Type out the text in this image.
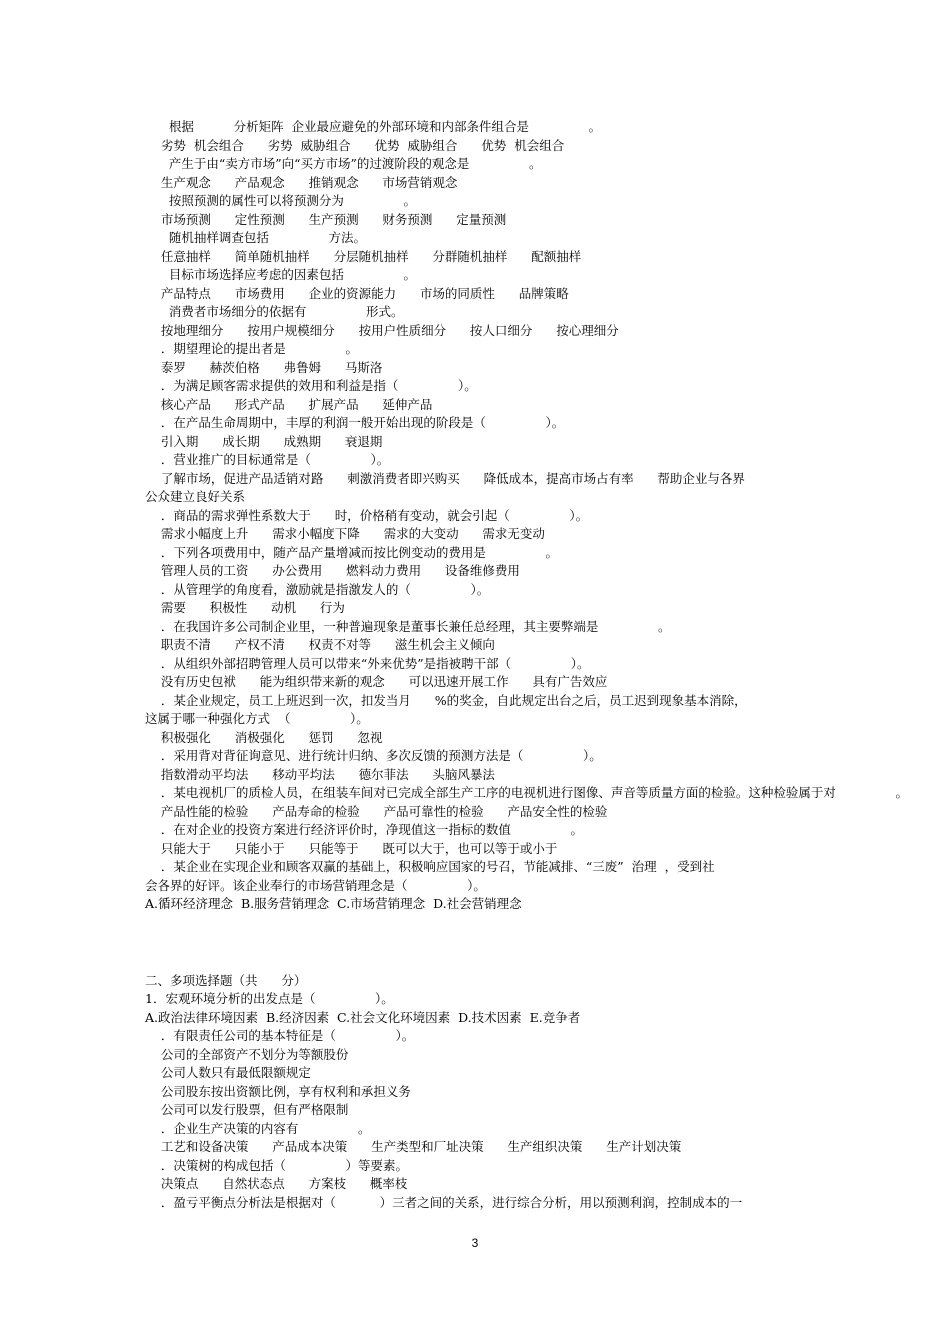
根据          分析矩阵  企业最应避免的外部环境和内部条件组合是               。
劣势  机会组合      劣势  威胁组合      优势  威胁组合      优势  机会组合
产生于由“卖方市场”向“买方市场”的过渡阶段的观念是               。
生产观念      产品观念      推销观念      市场营销观念
按照预测的属性可以将预测分为               。
市场预测      定性预测      生产预测      财务预测      定量预测
随机抽样调查包括               方法。
任意抽样      简单随机抽样      分层随机抽样      分群随机抽样      配额抽样
目标市场选择应考虑的因素包括               。
产品特点      市场费用      企业的资源能力      市场的同质性      品牌策略
消费者市场细分的依据有               形式。
按地理细分      按用户规模细分      按用户性质细分      按人口细分      按心理细分
．期望理论的提出者是               。
泰罗      赫茨伯格      弗鲁姆      马斯洛
．为满足顾客需求提供的效用和利益是指（               ）。
核心产品      形式产品      扩展产品      延伸产品
．在产品生命周期中，丰厚的利润一般开始出现的阶段是（               ）。
引入期      成长期      成熟期      衰退期
．营业推广的目标通常是（               ）。
了解市场，促进产品适销对路      刺激消费者即兴购买      降低成本，提高市场占有率      帮助企业与各界
公众建立良好关系
．商品的需求弹性系数大于      时，价格稍有变动，就会引起（               ）。
需求小幅度上升      需求小幅度下降      需求的大变动      需求无变动
．下列各项费用中，随产品产量增减而按比例变动的费用是               。
管理人员的工资      办公费用      燃料动力费用      设备维修费用
．从管理学的角度看，激励就是指激发人的（               ）。
需要      积极性      动机      行为
．在我国许多公司制企业里，一种普遍现象是董事长兼任总经理，其主要弊端是               。
职责不清      产权不清      权责不对等      滋生机会主义倾向
．从组织外部招聘管理人员可以带来“外来优势”是指被聘干部（               ）。
没有历史包袱      能为组织带来新的观念      可以迅速开展工作      具有广告效应
．某企业规定，员工上班迟到一次，扣发当月      %的奖金，自此规定出台之后，员工迟到现象基本消除，
这属于哪一种强化方式  （               ）。
积极强化      消极强化      惩罚      忽视
．采用背对背征询意见、进行统计归纳、多次反馈的预测方法是（               ）。
指数滑动平均法      移动平均法      德尔菲法      头脑风暴法
．某电视机厂的质检人员，在组装车间对已完成全部生产工序的电视机进行图像、声音等质量方面的检验。这种检验属于对               。
产品性能的检验      产品寿命的检验      产品可靠性的检验      产品安全性的检验
．在对企业的投资方案进行经济评价时，净现值这一指标的数值               。
只能大于      只能小于      只能等于      既可以大于，也可以等于或小于
．某企业在实现企业和顾客双赢的基础上，积极响应国家的号召，节能减排、“三废”  治理  ，受到社
会各界的好评。该企业奉行的市场营销理念是（               ）。
A.循环经济理念  B.服务营销理念  C.市场营销理念  D.社会营销理念
二、多项选择题（共      分）
1．宏观环境分析的出发点是（               ）。
A.政治法律环境因素  B.经济因素  C.社会文化环境因素  D.技术因素  E.竞争者
．有限责任公司的基本特征是（               ）。
公司的全部资产不划分为等额股份
公司人数只有最低限额规定
公司股东按出资额比例，享有权利和承担义务
公司可以发行股票，但有严格限制
．企业生产决策的内容有               。
工艺和设备决策      产品成本决策      生产类型和厂址决策      生产组织决策      生产计划决策
．决策树的构成包括（               ）等要素。
决策点      自然状态点      方案枝      概率枝
．盈亏平衡点分析法是根据对（           ）三者之间的关系，进行综合分析，用以预测利润，控制成本的一
3
